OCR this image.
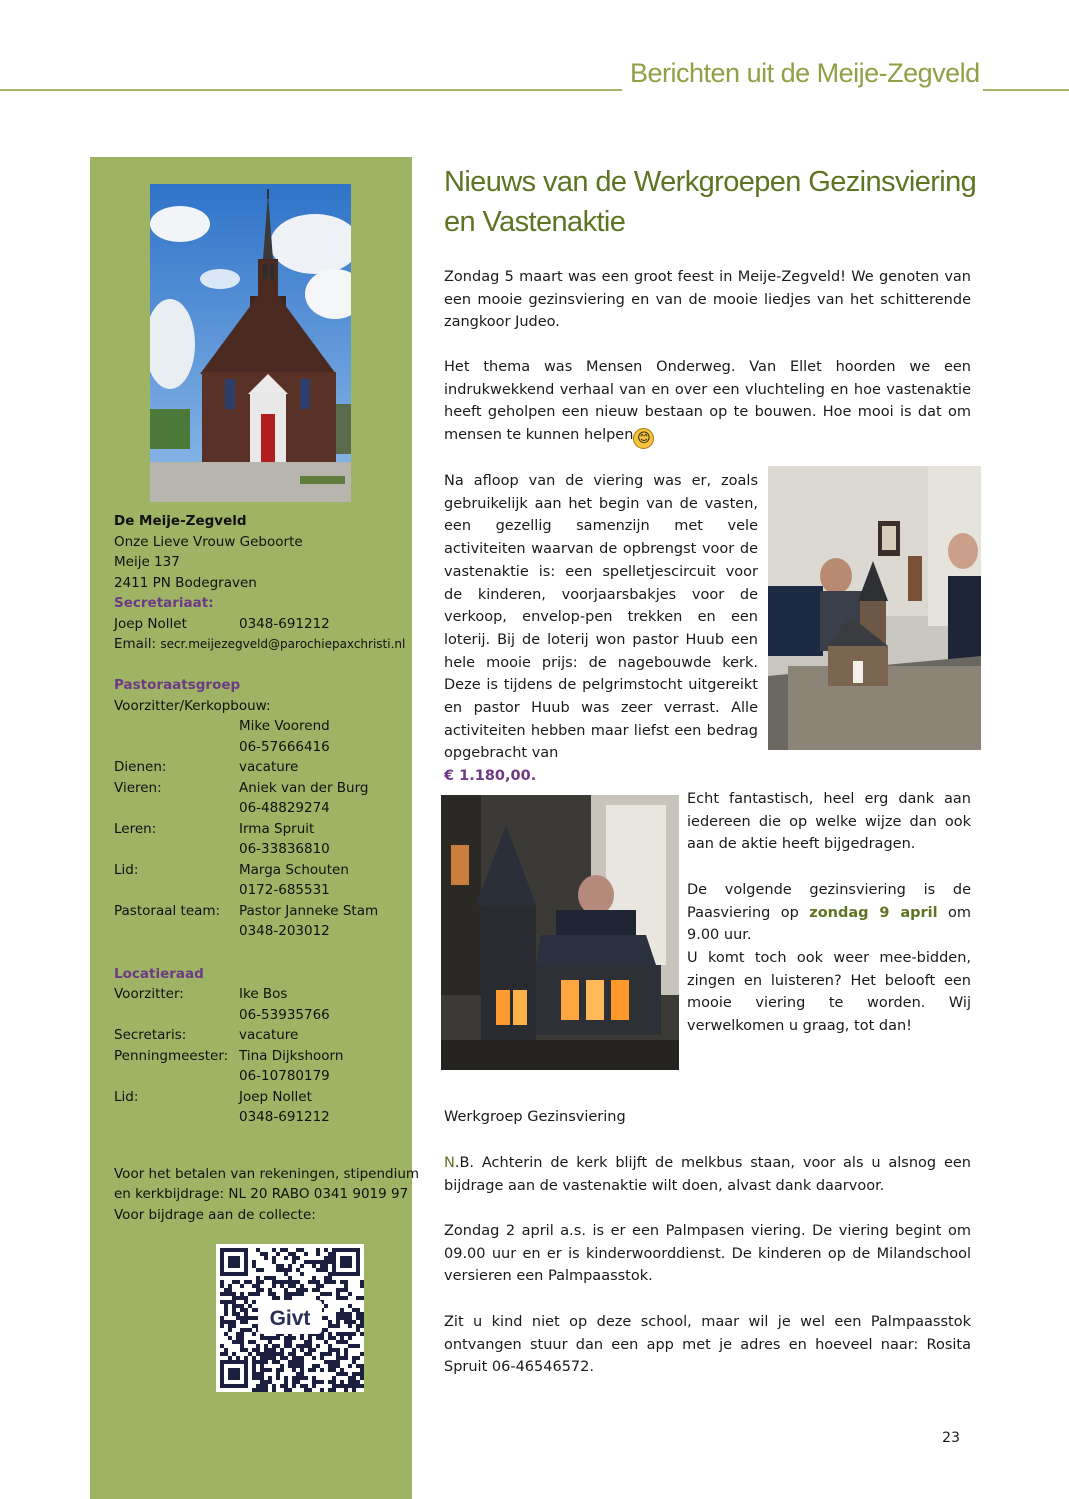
Berichten uit de Meije-Zegveld
De Meije-Zegveld
Onze Lieve Vrouw Geboorte
Meije 137
2411 PN Bodegraven
Secretariaat:
Joep Nollet	0348-691212
Email: secr.meijezegveld@parochiepaxchristi.nl
Pastoraatsgroep
Voorzitter/Kerkopbouw:
Mike Voorend
06-57666416
Dienen:	vacature
Vieren:	Aniek van der Burg
06-48829274
Leren:	Irma Spruit
06-33836810
Lid:	Marga Schouten
0172-685531
Pastoraal team:	Pastor Janneke Stam
0348-203012
Locatieraad
Voorzitter:	Ike Bos
06-53935766
Secretaris:	vacature
Penningmeester: Tina Dijkshoorn
06-10780179
Lid:	Joep Nollet
0348-691212
Voor het betalen van rekeningen, stipendium
en kerkbijdrage: NL 20 RABO 0341 9019 97
Voor bijdrage aan de collecte:
Givt
Nieuws van de Werkgroepen Gezinsviering en Vastenaktie

Zondag 5 maart was een groot feest in Meije-Zegveld! We genoten van een mooie gezinsviering en van de mooie liedjes van het schitterende zangkoor Judeo.

Het thema was Mensen Onderweg. Van Ellet hoorden we een indrukwekkend verhaal van en over een vluchteling en hoe vastenaktie heeft geholpen een nieuw bestaan op te bouwen. Hoe mooi is dat om mensen te kunnen helpen 😊

Na afloop van de viering was er, zoals gebruikelijk aan het begin van de vasten, een gezellig samenzijn met vele activiteiten waarvan de opbrengst voor de vastenaktie is: een spelletjescircuit voor de kinderen, voorjaarsbakjes voor de verkoop, envelop-pen trekken en een loterij. Bij de loterij won pastor Huub een hele mooie prijs: de nagebouwde kerk. Deze is tijdens de pelgrimstocht uitgereikt en pastor Huub was zeer verrast. Alle activiteiten hebben maar liefst een bedrag opgebracht van
€ 1.180,00.

Echt fantastisch, heel erg dank aan iedereen die op welke wijze dan ook aan de aktie heeft bijgedragen.

De volgende gezinsviering is de Paasviering op zondag 9 april om 9.00 uur.

U komt toch ook weer mee-bidden, zingen en luisteren? Het belooft een mooie viering te worden. Wij verwelkomen u graag, tot dan!

Werkgroep Gezinsviering

N.B. Achterin de kerk blijft de melkbus staan, voor als u alsnog een bijdrage aan de vastenaktie wilt doen, alvast dank daarvoor.

Zondag 2 april a.s. is er een Palmpasen viering. De viering begint om 09.00 uur en er is kinderwoorddienst. De kinderen op de Milandschool versieren een Palmpaasstok.

Zit u kind niet op deze school, maar wil je wel een Palmpaasstok ontvangen stuur dan een app met je adres en hoeveel naar: Rosita Spruit 06-46546572.

23
